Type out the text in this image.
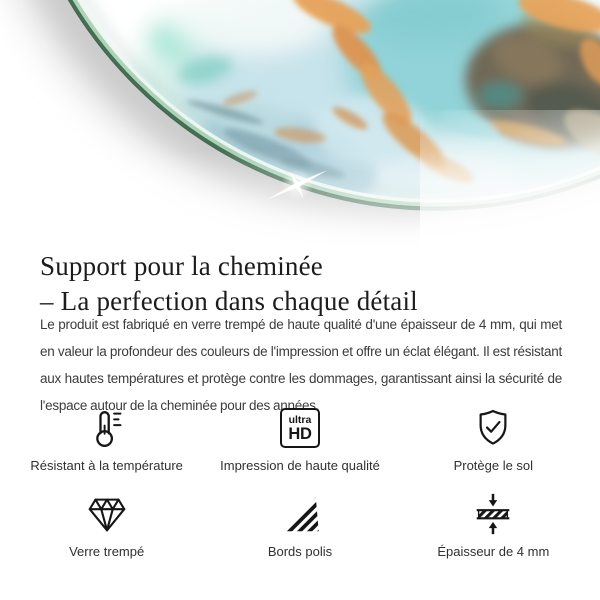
Support pour la cheminée
– La perfection dans chaque détail

Le produit est fabriqué en verre trempé de haute qualité d'une épaisseur de 4 mm, qui met en valeur la profondeur des couleurs de l'impression et offre un éclat élégant. Il est résistant aux hautes températures et protège contre les dommages, garantissant ainsi la sécurité de l'espace autour de la cheminée pour des années.

Résistant à la température
ultra
HD
Impression de haute qualité	Protège le sol
Verre trempé	Bords polis	Épaisseur de 4 mm
